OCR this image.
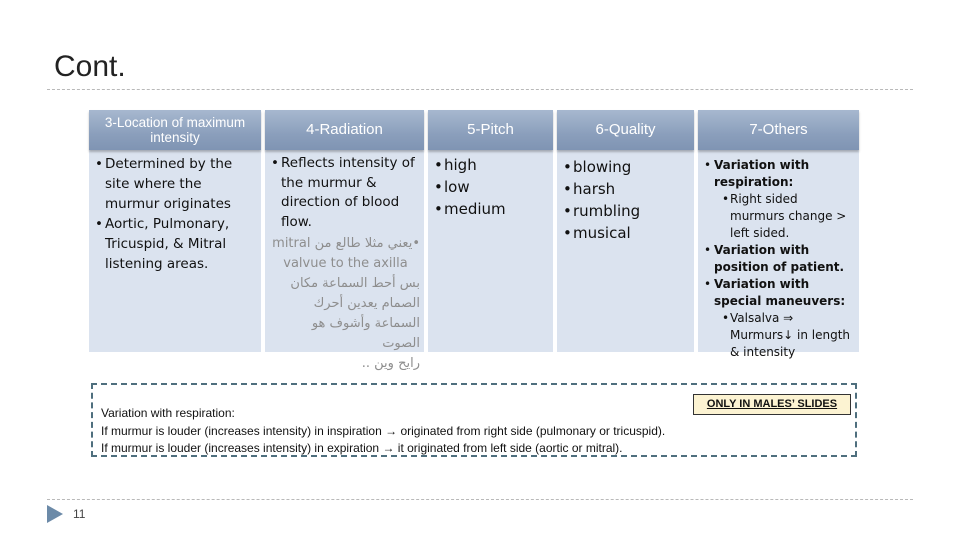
Cont.
3-Location of maximum intensity
• Determined by the site where the murmur originates
• Aortic, Pulmonary, Tricuspid, & Mitral listening areas.
4-Radiation
• Reflects intensity of the murmur & direction of blood flow.
•يعني مثلا طالع من mitral
valvue to the axilla
بس أحط السماعة مكان
الصمام يعدين أحرك
السماعة وأشوف هو الصوت
رايح وين ..
5-Pitch
• high
• low
• medium
6-Quality
• blowing
• harsh
• rumbling
• musical
7-Others
• Variation with respiration:
• Right sided murmurs change > left sided.
• Variation with position of patient.
• Variation with special maneuvers:
• Valsalva ⇒ Murmurs↓ in length & intensity
ONLY IN MALES’ SLIDES
Variation with respiration:
If murmur is louder (increases intensity) in inspiration → originated from right side (pulmonary or tricuspid).
If murmur is louder (increases intensity) in expiration → it originated from left side (aortic or mitral).
11
